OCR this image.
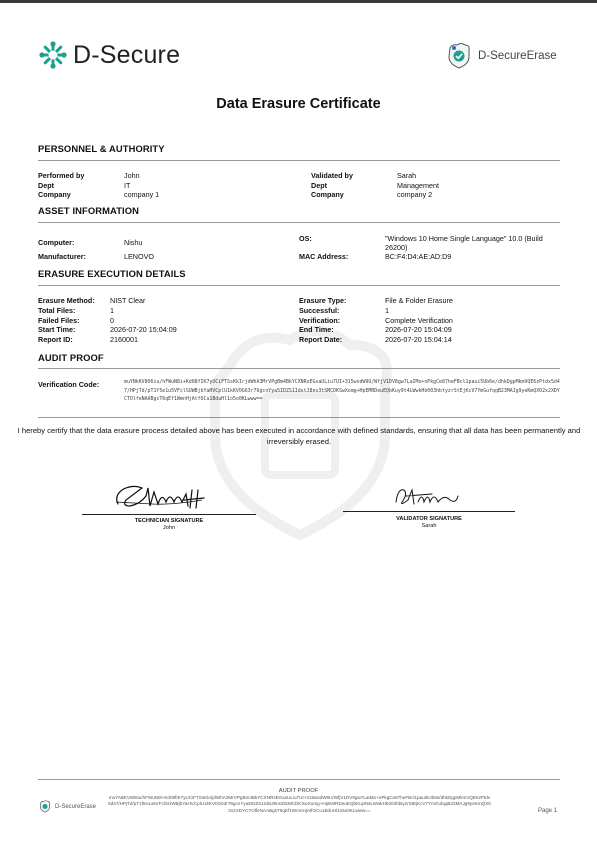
D-Secure	D-SecureErase
Data Erasure Certificate
PERSONNEL & AUTHORITY
Performed by	John
Dept	IT
Company	company 1
Validated by	Sarah
Dept	Management
Company	company 2
ASSET INFORMATION
Computer:	Nishu
Manufacturer:	LENOVO
OS:	"Windows 10 Home Single Language" 10.0 (Build
26200)
MAC Address:	BC:F4:D4:AE:AD:D9
ERASURE EXECUTION DETAILS
Erasure Method: NIST Clear
Total Files:	1
Failed Files:	0
Start Time:	2026-07-20 15:04:09
Report ID:	2160001
Erasure Type:	File & Folder Erasure
Successful:	1
Verification:	Complete Verification
End Time:	2026-07-20 15:04:09
Report Date:	2026-07-20 15:04:14
AUDIT PROOF
Verification Code:	muYNkKV806iu/hFWuN8i+Kd08fIK7yUCiFTSsKkIrjdWhA3MrVPgBm4BkYCXNRsEGxaULiu7UI+315wxdW9U/WfjV1DV8gw7LaIMo+nPkgCe87heFBcl1paui5Ub6e/dhkDgpMkmVQE6zPtdx5d47/HPjTd/pT1f5e1u5VFclSUWBjbYaHVCplU1kKV0G63r76gcnYya5IDZS1IdstJ8ns3tSMCDKSwXomg+HpEMRDeuEQbKuy9t4LWwkHb003hbtyzrStEjKcV7YmGufqqB23MAJg9yeKmQX02x2XDYCTOlfeNAABgsT6qEf1WmnHjAtfOCu1BduHl1o5o0KLwww==
I hereby certify that the data erasure process detailed above has been executed in accordance with defined standards, ensuring that all data has been permanently and irreversibly erased.
TECHNICIAN SIGNATURE
John
VALIDATOR SIGNATURE
Sarah
AUDIT PROOF
muYNkKV806iu/hFWuN8i+Kd08fIK7yUCiFTSsKkIrjdWhA3MrVPgBm4BkYCXNRsEGxaULiu7UI+315wxdW9U/WfjV1DV8gw7LaIMo+nPkgCe87heFBcl1paui5Ub6e/dhkDgpMkmVQE6zPtdx5d47/HPjTd/pT1f5e1u5VFclSUWBjbYaHVCplU1kKV0G63r76gcnYya5IDZS1IdstJ8ns3tSMCDKSwXomg+HpEMRDeuEQbKuy9t4LWwkHb003hbtyzrStEjKcV7YmGufqqB23MAJg9yeKmQX02x2XDYCTOlfeNAABgsT6qEf1WmnHjAtfOCu1BduHl1o5o0KLwww==
D-SecureErase
Page 1
